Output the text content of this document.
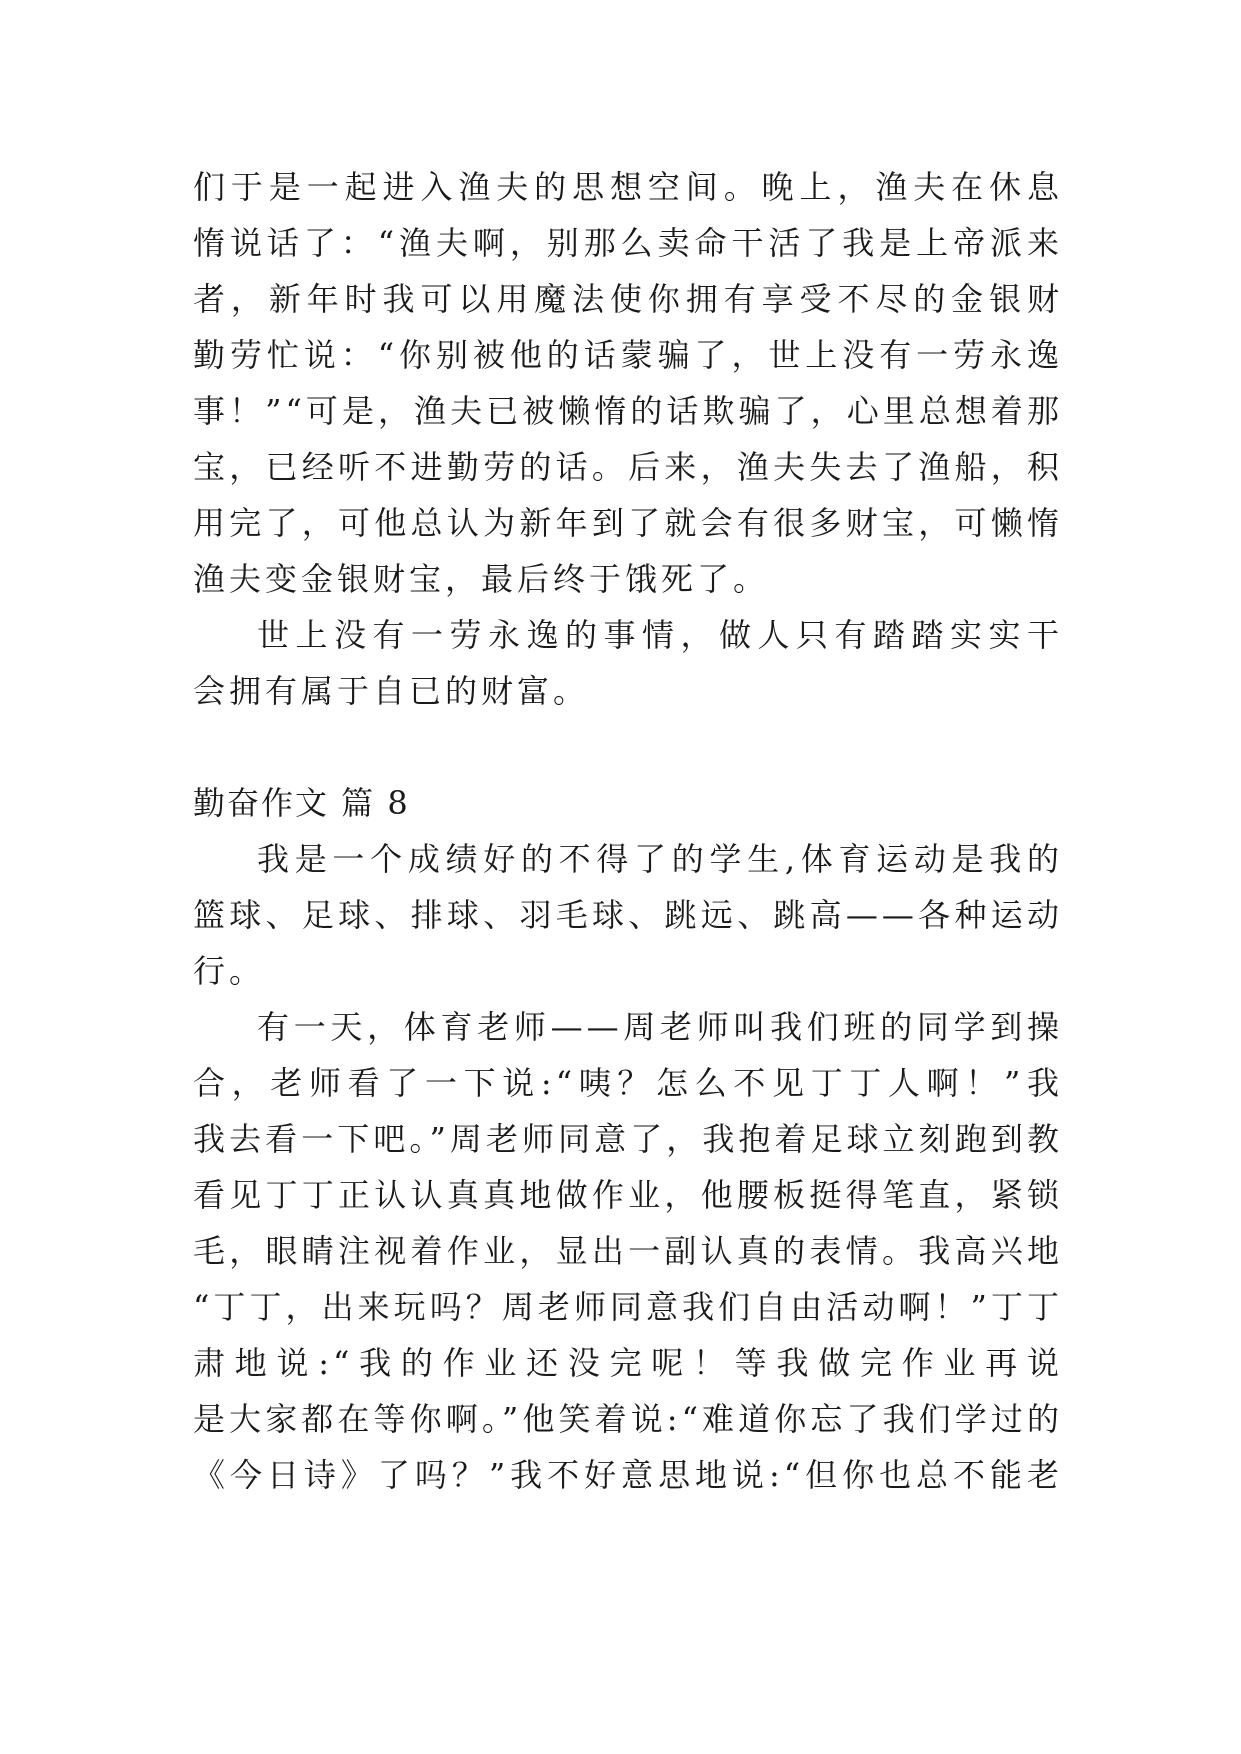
们于是一起进入渔夫的思想空间。晚上，渔夫在休息
惰说话了：“渔夫啊，别那么卖命干活了我是上帝派来
者，新年时我可以用魔法使你拥有享受不尽的金银财
勤劳忙说：“你别被他的话蒙骗了，世上没有一劳永逸
事！”“可是，渔夫已被懒惰的话欺骗了，心里总想着那
宝，已经听不进勤劳的话。后来，渔夫失去了渔船，积
用完了，可他总认为新年到了就会有很多财宝，可懒惰
渔夫变金银财宝，最后终于饿死了。
世上没有一劳永逸的事情，做人只有踏踏实实干
会拥有属于自已的财富。
勤奋作文 篇 8
我是一个成绩好的不得了的学生,体育运动是我的
篮球、足球、排球、羽毛球、跳远、跳高——各种运动
行。
有一天，体育老师——周老师叫我们班的同学到操
合，老师看了一下说:“咦？怎么不见丁丁人啊！”我
我去看一下吧。”周老师同意了，我抱着足球立刻跑到教
看见丁丁正认认真真地做作业，他腰板挺得笔直，紧锁
毛，眼睛注视着作业，显出一副认真的表情。我高兴地
“丁丁，出来玩吗？周老师同意我们自由活动啊！”丁丁
肃地说:“我的作业还没完呢！等我做完作业再说
是大家都在等你啊。”他笑着说:“难道你忘了我们学过的
《今日诗》了吗？”我不好意思地说:“但你也总不能老
